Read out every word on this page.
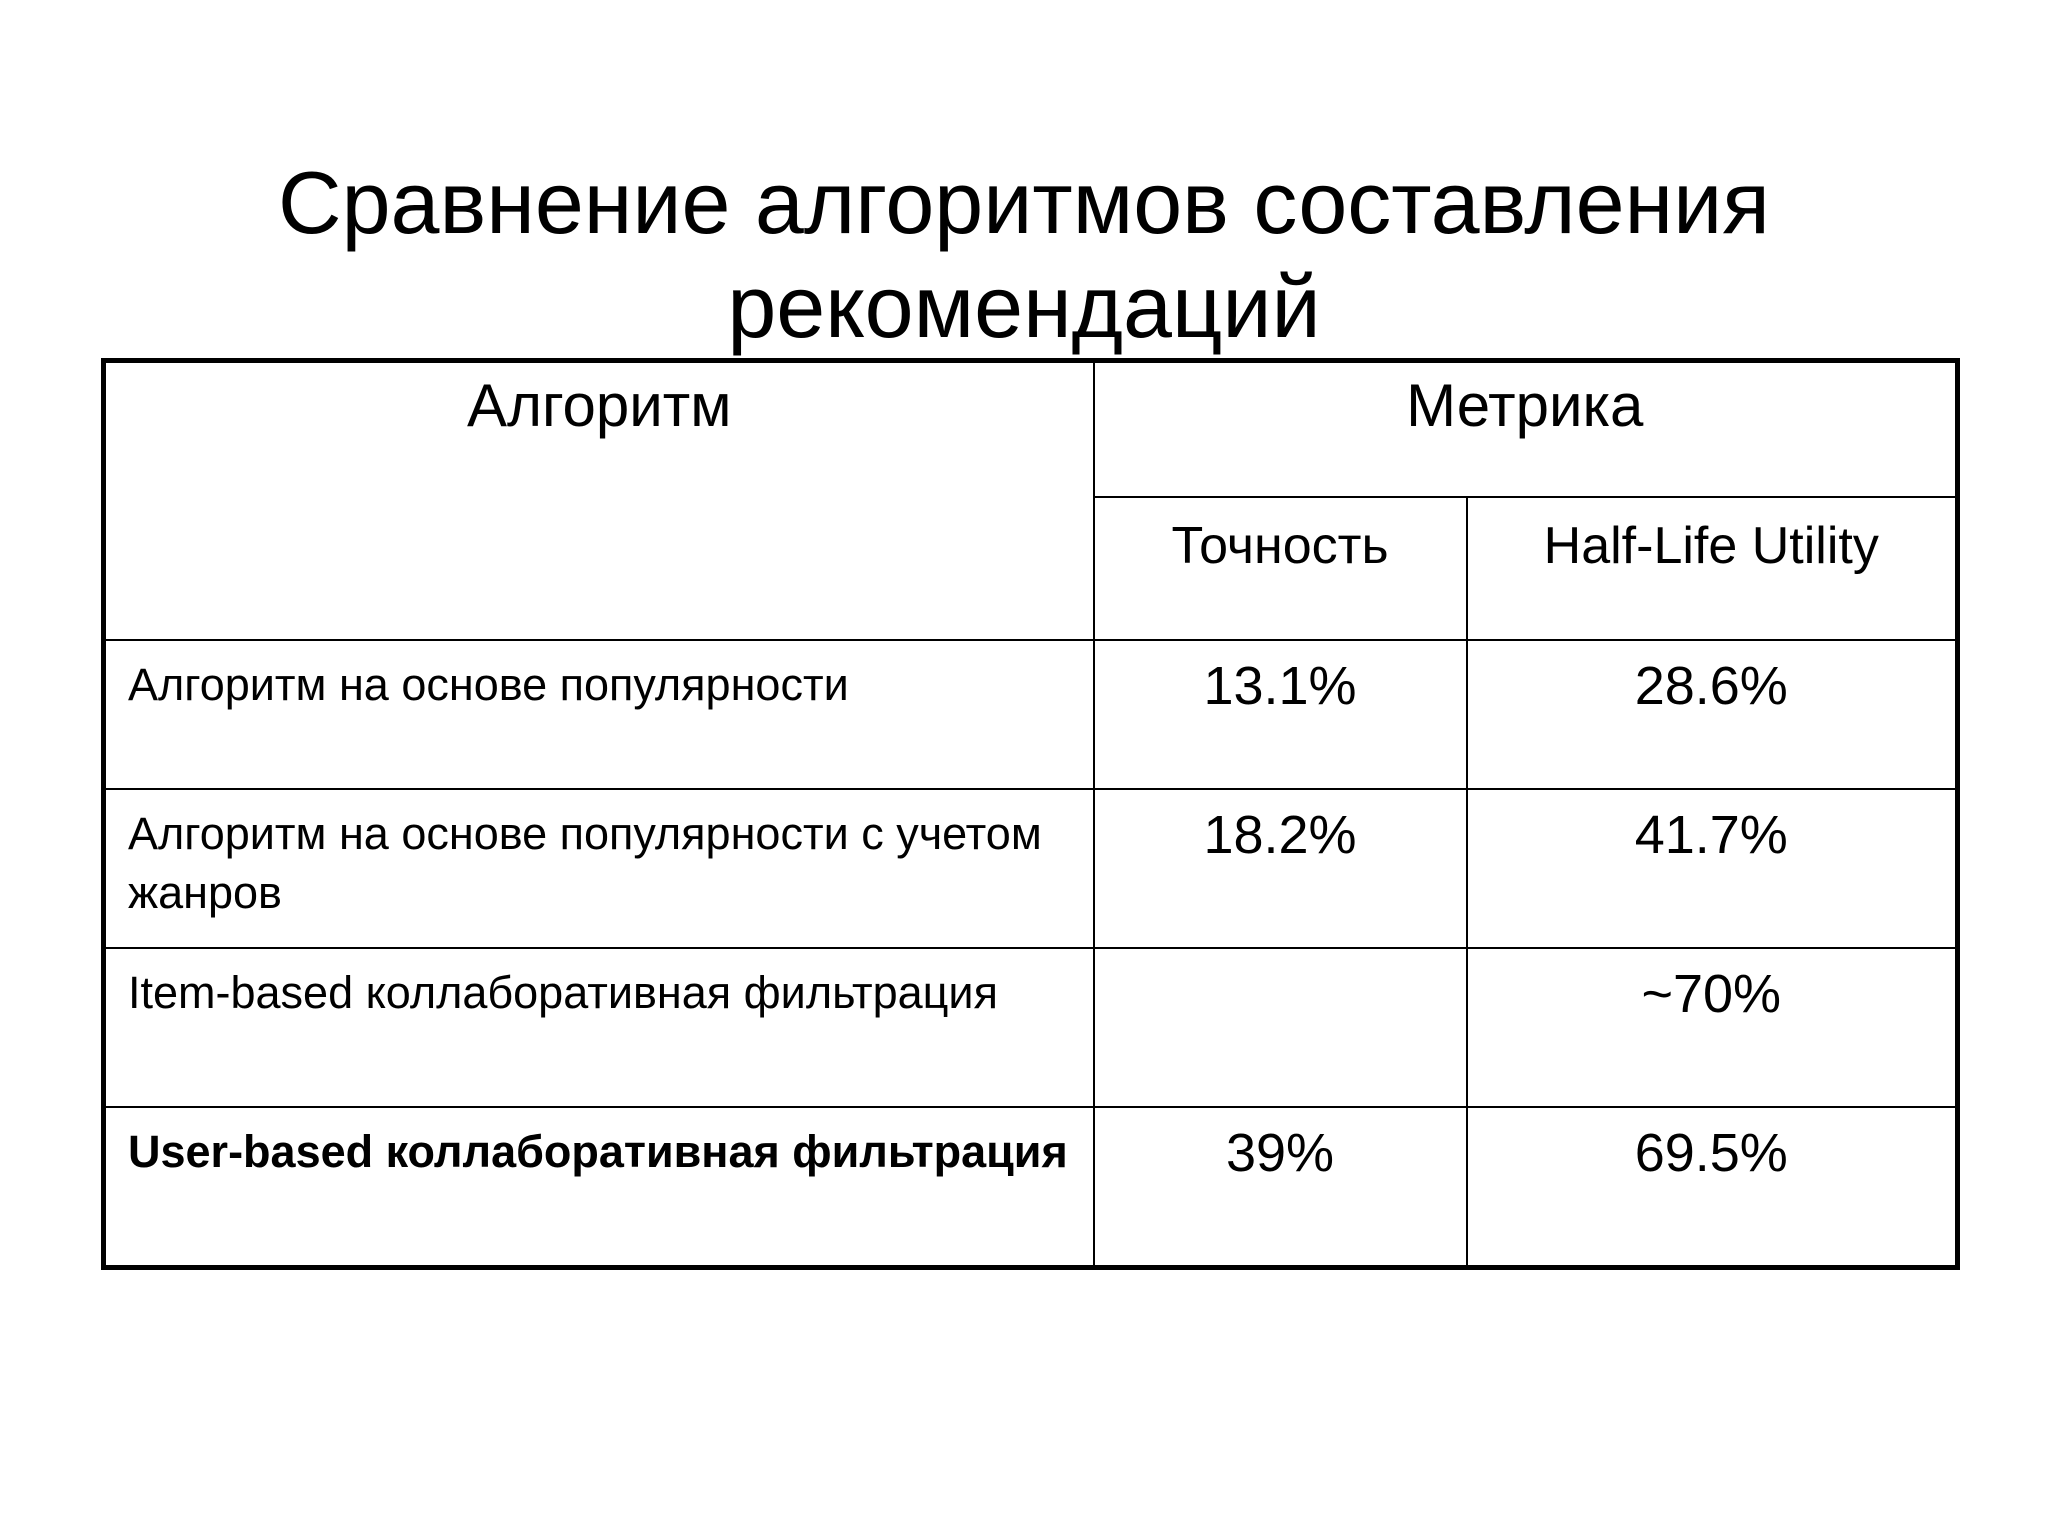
Сравнение алгоритмов составления
рекомендаций
Алгоритм	Метрика	
	Точность	Half-Life Utility
Алгоритм на основе популярности	13.1%	28.6%
Алгоритм на основе популярности с учетом жанров	18.2%	41.7%
Item-based коллаборативная фильтрация		~70%
User-based коллаборативная фильтрация	39%	69.5%
